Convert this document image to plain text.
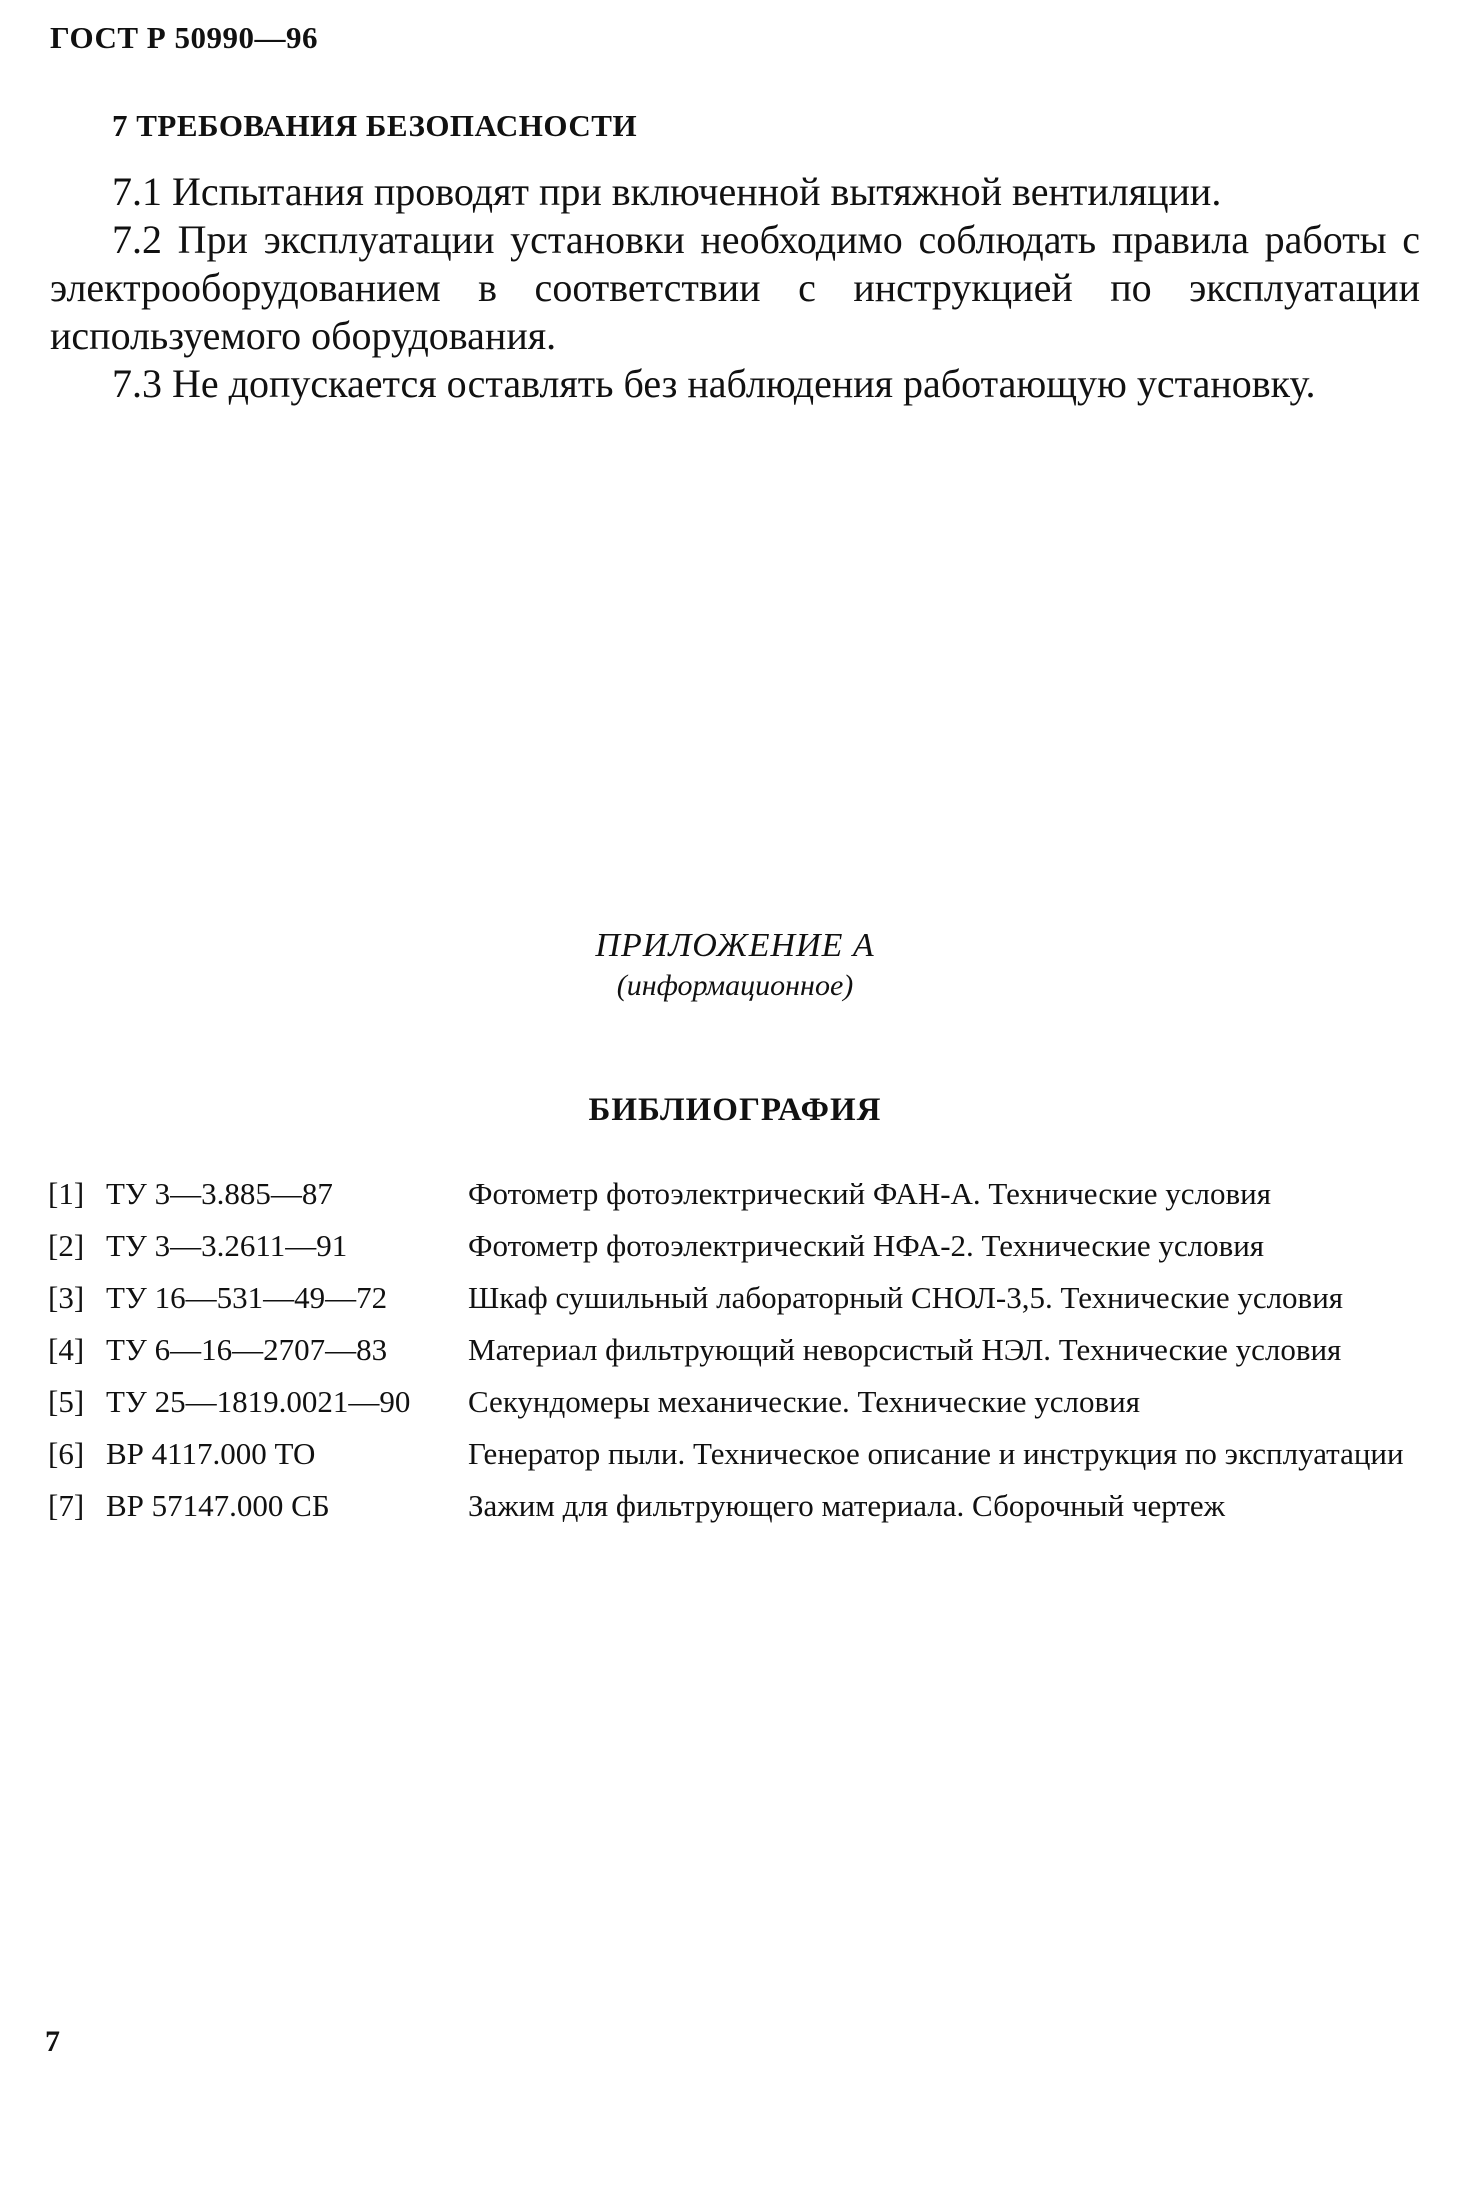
ГОСТ Р 50990—96
7 ТРЕБОВАНИЯ БЕЗОПАСНОСТИ

7.1 Испытания проводят при включенной вытяжной вентиляции.

7.2 При эксплуатации установки необходимо соблюдать правила работы с электрооборудованием в соответствии с инструкцией по эксплуатации используемого оборудования.

7.3 Не допускается оставлять без наблюдения работающую установку.

ПРИЛОЖЕНИЕ А
(информационное)
БИБЛИОГРАФИЯ
[1] ТУ 3—3.885—87	Фотометр фотоэлектрический ФАН-А. Технические условия
[2] ТУ 3—3.2611—91	Фотометр фотоэлектрический НФА-2. Технические условия
[3] ТУ 16—531—49—72	Шкаф сушильный лабораторный СНОЛ-3,5. Технические условия
[4] ТУ 6—16—2707—83	Материал фильтрующий неворсистый НЭЛ. Технические условия
[5] ТУ 25—1819.0021—90	Секундомеры механические. Технические условия
[6] ВР 4117.000 ТО	Генератор пыли. Техническое описание и инструкция по эксплуатации
[7] ВР 57147.000 СБ	Зажим для фильтрующего материала. Сборочный чертеж
7
